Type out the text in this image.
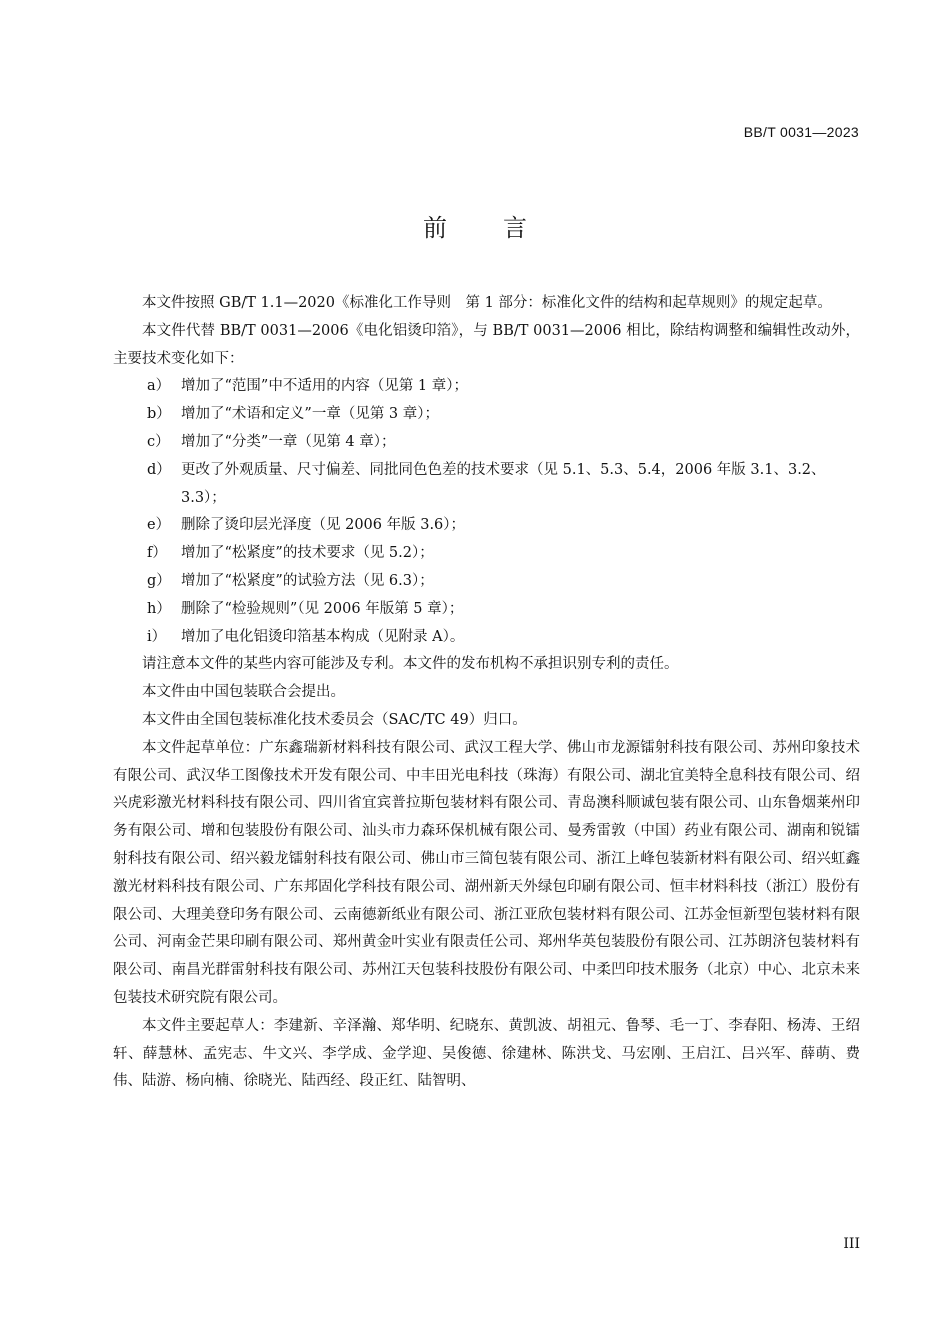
BB/T 0031—2023
前言

本文件按照 GB/T 1.1—2020《标准化工作导则　第 1 部分：标准化文件的结构和起草规则》的规定起草。

本文件代替 BB/T 0031—2006《电化铝烫印箔》，与 BB/T 0031—2006 相比，除结构调整和编辑性改动外，主要技术变化如下：

a） 增加了“范围”中不适用的内容（见第 1 章）；
b） 增加了“术语和定义”一章（见第 3 章）；
c） 增加了“分类”一章（见第 4 章）；
d） 更改了外观质量、尺寸偏差、同批同色色差的技术要求（见 5.1、5.3、5.4，2006 年版 3.1、3.2、3.3）；
e） 删除了烫印层光泽度（见 2006 年版 3.6）；
f） 增加了“松紧度”的技术要求（见 5.2）；
g） 增加了“松紧度”的试验方法（见 6.3）；
h） 删除了“检验规则”（见 2006 年版第 5 章）；
i） 增加了电化铝烫印箔基本构成（见附录 A）。

请注意本文件的某些内容可能涉及专利。本文件的发布机构不承担识别专利的责任。

本文件由中国包装联合会提出。

本文件由全国包装标准化技术委员会（SAC/TC 49）归口。

本文件起草单位：广东鑫瑞新材料科技有限公司、武汉工程大学、佛山市龙源镭射科技有限公司、苏州印象技术有限公司、武汉华工图像技术开发有限公司、中丰田光电科技（珠海）有限公司、湖北宜美特全息科技有限公司、绍兴虎彩激光材料科技有限公司、四川省宜宾普拉斯包装材料有限公司、青岛澳科顺诚包装有限公司、山东鲁烟莱州印务有限公司、增和包装股份有限公司、汕头市力森环保机械有限公司、曼秀雷敦（中国）药业有限公司、湖南和锐镭射科技有限公司、绍兴毅龙镭射科技有限公司、佛山市三简包装有限公司、浙江上峰包装新材料有限公司、绍兴虹鑫激光材料科技有限公司、广东邦固化学科技有限公司、湖州新天外绿包印刷有限公司、恒丰材料科技（浙江）股份有限公司、大理美登印务有限公司、云南德新纸业有限公司、浙江亚欣包装材料有限公司、江苏金恒新型包装材料有限公司、河南金芒果印刷有限公司、郑州黄金叶实业有限责任公司、郑州华英包装股份有限公司、江苏朗济包装材料有限公司、南昌光群雷射科技有限公司、苏州江天包装科技股份有限公司、中柔凹印技术服务（北京）中心、北京未来包装技术研究院有限公司。

本文件主要起草人：李建新、辛泽瀚、郑华明、纪晓东、黄凯波、胡祖元、鲁琴、毛一丁、李春阳、杨涛、王绍轩、薛慧林、孟宪志、牛文兴、李学成、金学迎、吴俊德、徐建林、陈洪戈、马宏刚、王启江、吕兴军、薛萌、费伟、陆游、杨向楠、徐晓光、陆西经、段正红、陆智明、

III
